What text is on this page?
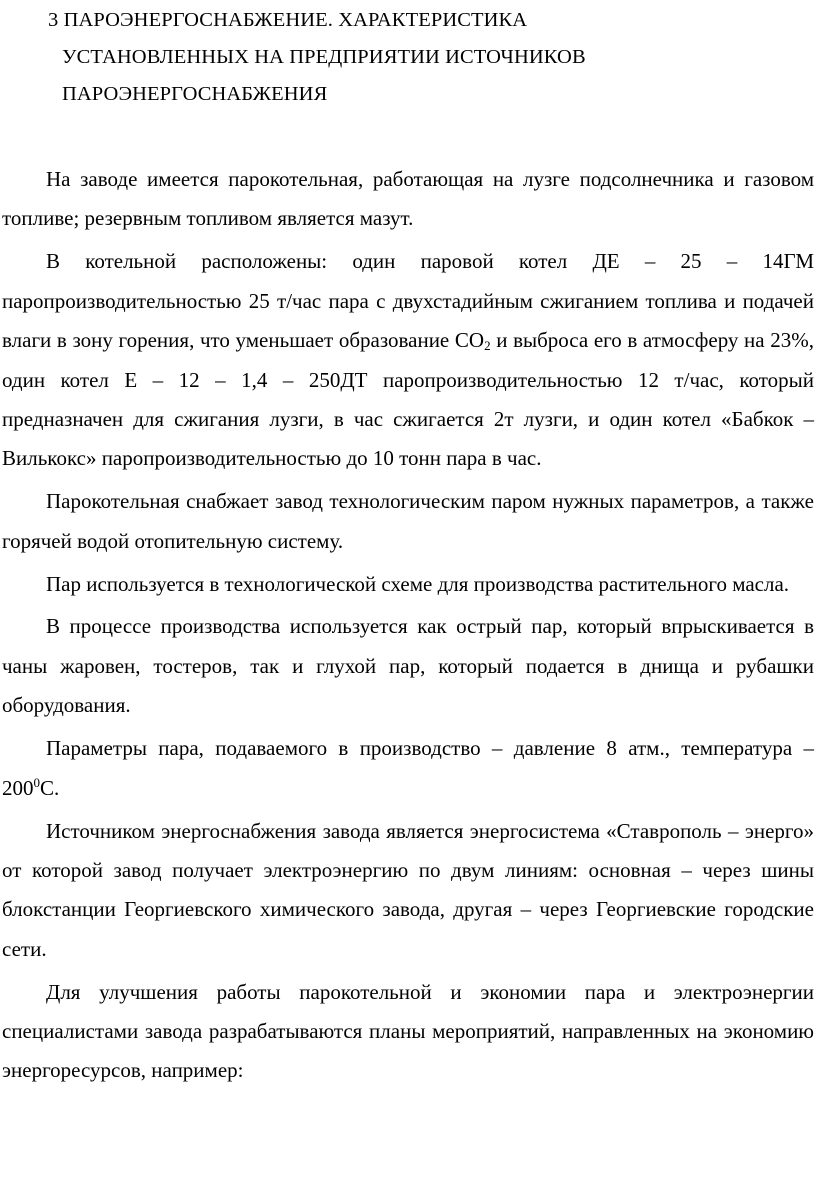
3 ПАРОЭНЕРГОСНАБЖЕНИЕ. ХАРАКТЕРИСТИКА
УСТАНОВЛЕННЫХ НА ПРЕДПРИЯТИИ ИСТОЧНИКОВ
ПАРОЭНЕРГОСНАБЖЕНИЯ

На заводе имеется парокотельная, работающая на лузге подсолнечника и газовом топливе; резервным топливом является мазут.

В котельной расположены: один паровой котел ДЕ – 25 – 14ГМ паропроизводительностью 25 т/час пара с двухстадийным сжиганием топлива и подачей влаги в зону горения, что уменьшает образование $СО_2$ и выброса его в атмосферу на 23%, один котел Е – 12 – 1,4 – 250ДТ паропроизводительностью 12 т/час, который предназначен для сжигания лузги, в час сжигается 2т лузги, и один котел «Бабкок – Вилькокс» паропроизводительностью до 10 тонн пара в час.

Парокотельная снабжает завод технологическим паром нужных параметров, а также горячей водой отопительную систему.

Пар используется в технологической схеме для производства растительного масла.

В процессе производства используется как острый пар, который впрыскивается в чаны жаровен, тостеров, так и глухой пар, который подается в днища и рубашки оборудования.

Параметры пара, подаваемого в производство – давление 8 атм., температура – $200^0С$.

Источником энергоснабжения завода является энергосистема «Ставрополь – энерго» от которой завод получает электроэнергию по двум линиям: основная – через шины блокстанции Георгиевского химического завода, другая – через Георгиевские городские сети.

Для улучшения работы парокотельной и экономии пара и электроэнергии специалистами завода разрабатываются планы мероприятий, направленных на экономию энергоресурсов, например:
